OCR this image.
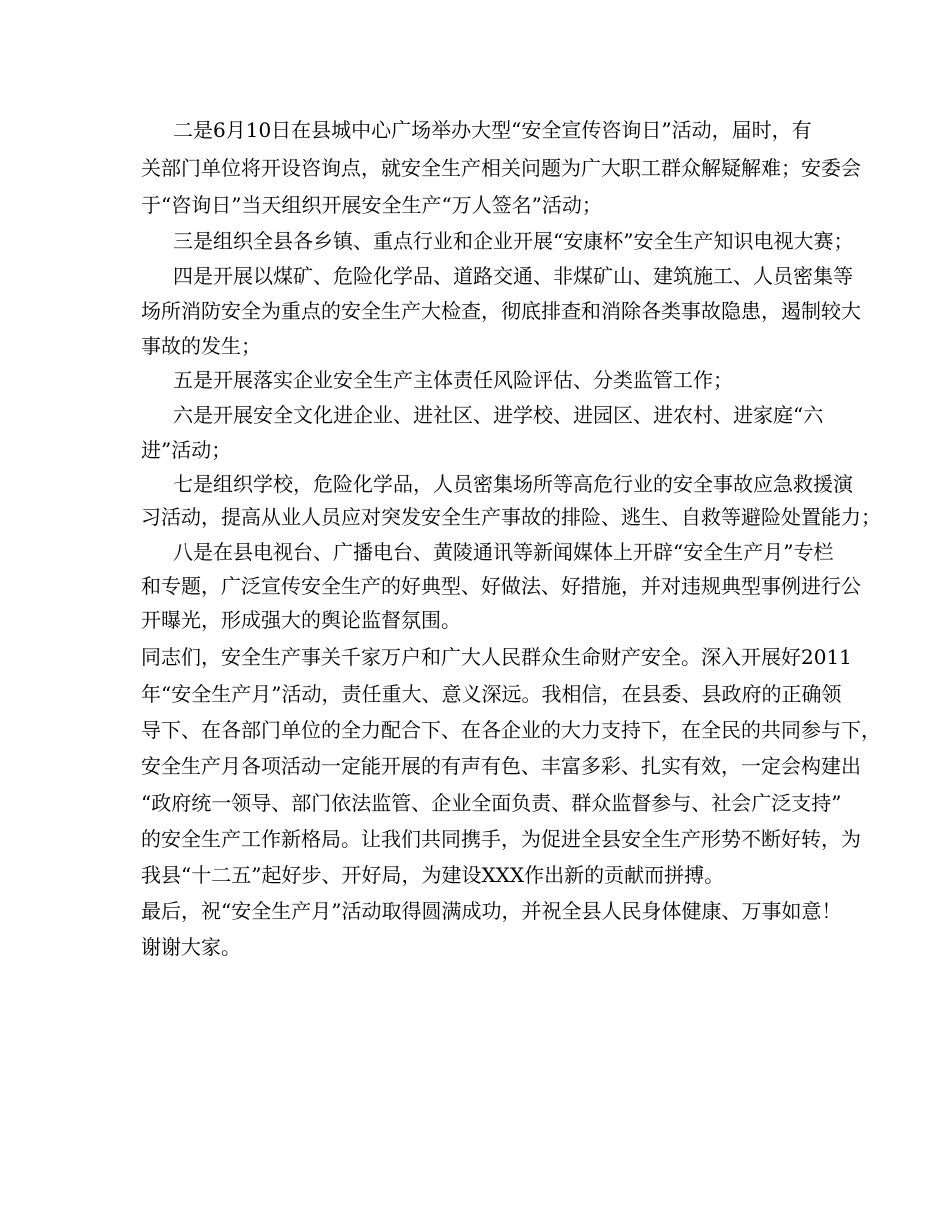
二是6月10日在县城中心广场举办大型“安全宣传咨询日”活动，届时，有
关部门单位将开设咨询点，就安全生产相关问题为广大职工群众解疑解难；安委会
于“咨询日”当天组织开展安全生产“万人签名”活动；
三是组织全县各乡镇、重点行业和企业开展“安康杯”安全生产知识电视大赛；
四是开展以煤矿、危险化学品、道路交通、非煤矿山、建筑施工、人员密集等
场所消防安全为重点的安全生产大检查，彻底排查和消除各类事故隐患，遏制较大
事故的发生；
五是开展落实企业安全生产主体责任风险评估、分类监管工作；
六是开展安全文化进企业、进社区、进学校、进园区、进农村、进家庭“六
进”活动；
七是组织学校，危险化学品，人员密集场所等高危行业的安全事故应急救援演
习活动，提高从业人员应对突发安全生产事故的排险、逃生、自救等避险处置能力；
八是在县电视台、广播电台、黄陵通讯等新闻媒体上开辟“安全生产月”专栏
和专题，广泛宣传安全生产的好典型、好做法、好措施，并对违规典型事例进行公
开曝光，形成强大的舆论监督氛围。
同志们，安全生产事关千家万户和广大人民群众生命财产安全。深入开展好2011
年“安全生产月”活动，责任重大、意义深远。我相信，在县委、县政府的正确领
导下、在各部门单位的全力配合下、在各企业的大力支持下，在全民的共同参与下，
安全生产月各项活动一定能开展的有声有色、丰富多彩、扎实有效，一定会构建出
“政府统一领导、部门依法监管、企业全面负责、群众监督参与、社会广泛支持”
的安全生产工作新格局。让我们共同携手，为促进全县安全生产形势不断好转，为
我县“十二五”起好步、开好局，为建设XXX作出新的贡献而拼搏。
最后，祝“安全生产月”活动取得圆满成功，并祝全县人民身体健康、万事如意！
谢谢大家。
